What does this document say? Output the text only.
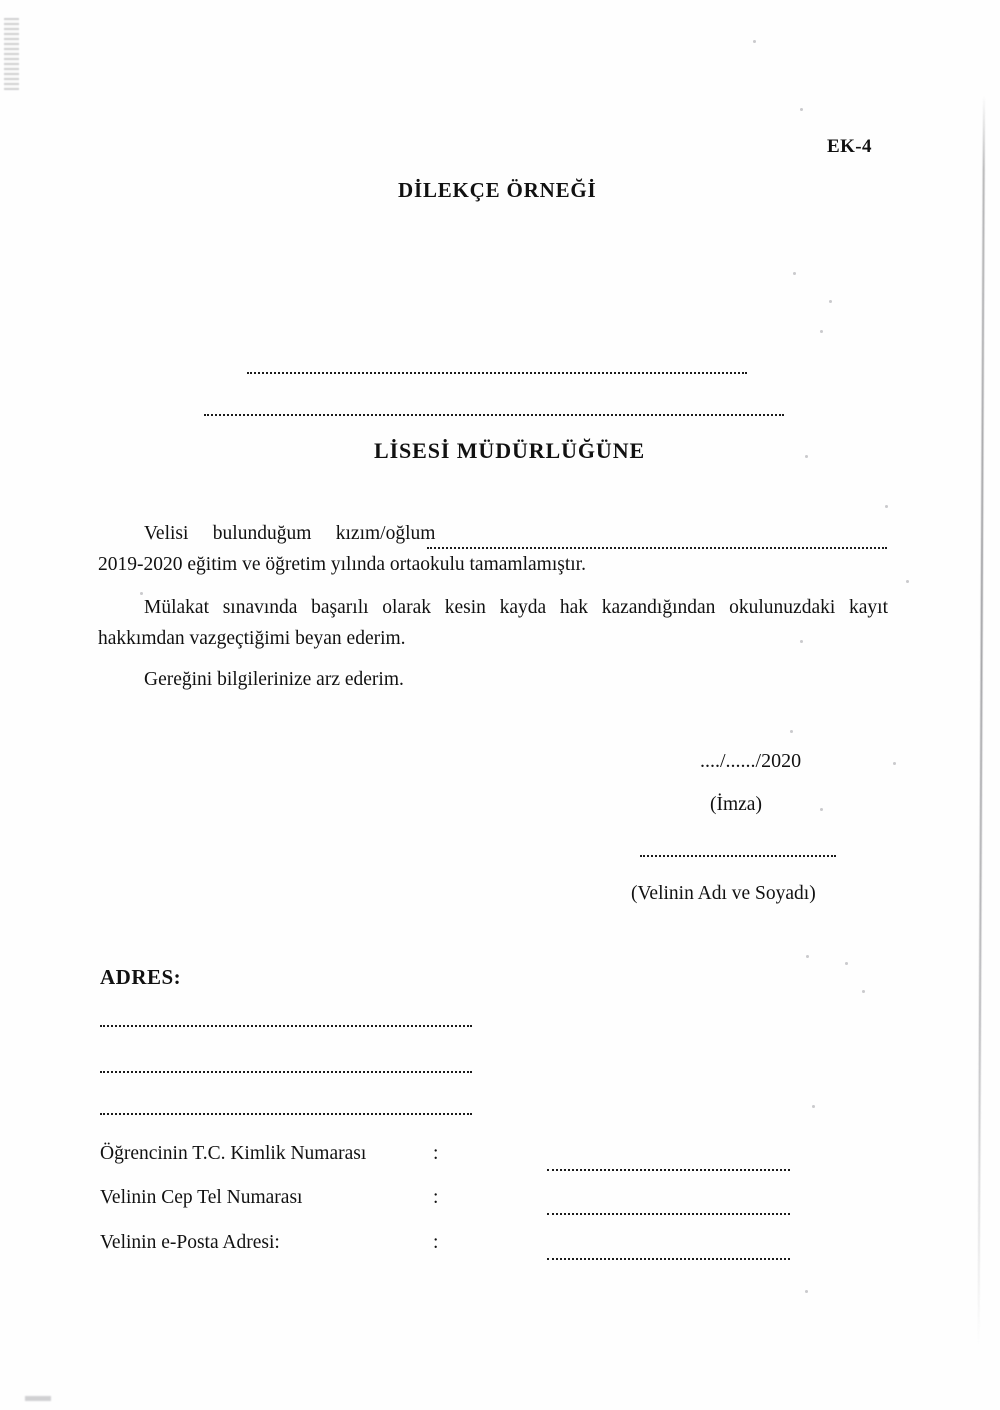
EK-4
DİLEKÇE ÖRNEĞİ
LİSESİ MÜDÜRLÜĞÜNE
Velisi bulunduğum kızım/oğlum

2019-2020 eğitim ve öğretim yılında ortaokulu tamamlamıştır.
Mülakat sınavında başarılı olarak kesin kayda hak kazandığından okulunuzdaki kayıt hakkımdan vazgeçtiğimi beyan ederim.
Gereğini bilgilerinize arz ederim.
..../....../2020
(İmza)
(Velinin Adı ve Soyadı)
ADRES:
Öğrencinin T.C. Kimlik Numarası	:
Velinin Cep Tel Numarası	:
Velinin e-Posta Adresi:	:
